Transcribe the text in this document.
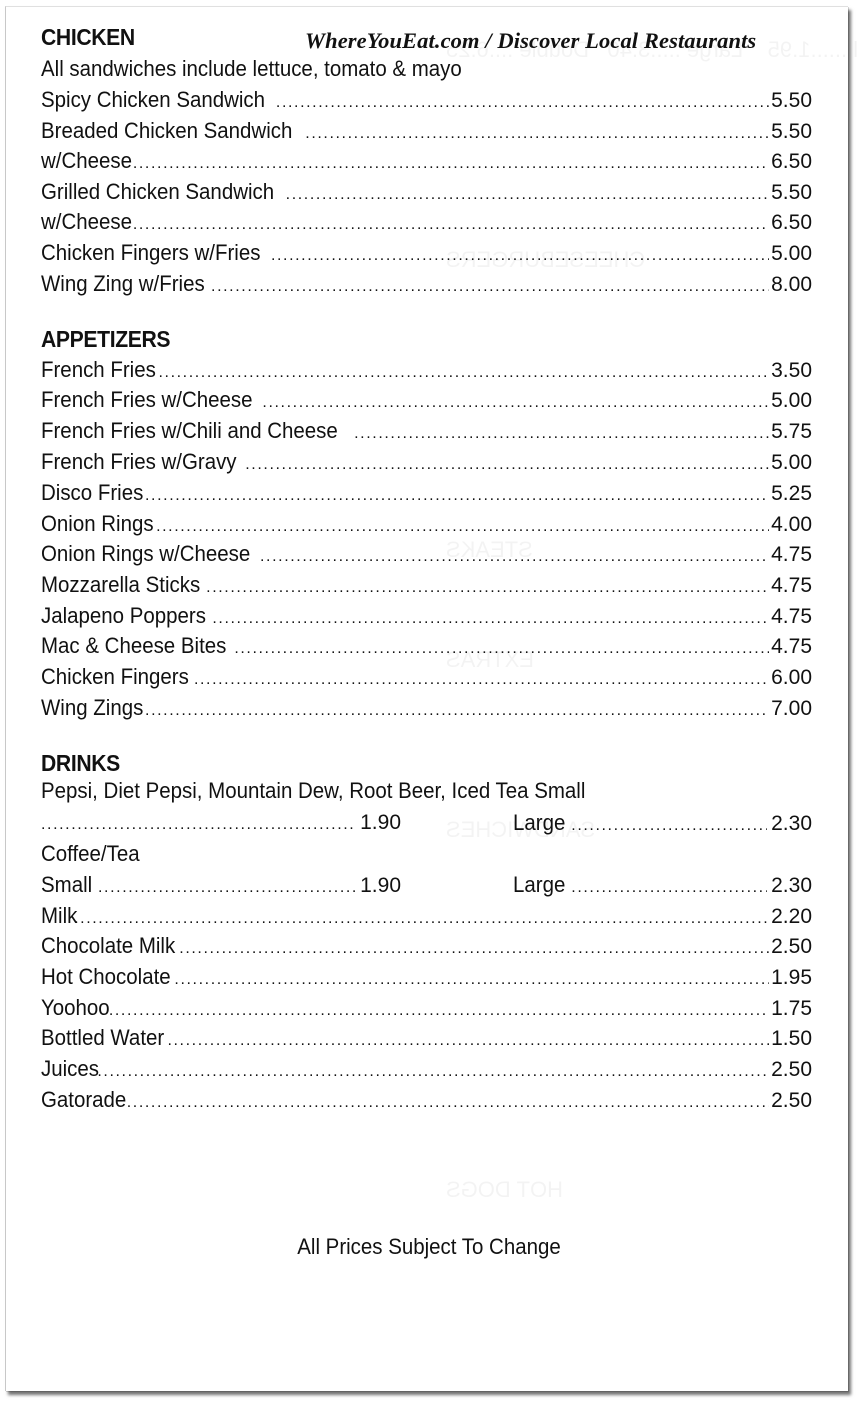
WhereYouEat.com / Discover Local Restaurants
CHICKEN
All sandwiches include lettuce, tomato & mayo
Spicy Chicken Sandwich .....	5.50
Breaded Chicken Sandwich .....	5.50
w/Cheese .....	6.50
Grilled Chicken Sandwich .....	5.50
w/Cheese .....	6.50
Chicken Fingers w/Fries .....	5.00
Wing Zing w/Fries .....	8.00
APPETIZERS
French Fries .....	3.50
French Fries w/Cheese .....	5.00
French Fries w/Chili and Cheese .....	5.75
French Fries w/Gravy .....	5.00
Disco Fries .....	5.25
Onion Rings .....	4.00
Onion Rings w/Cheese .....	4.75
Mozzarella Sticks .....	4.75
Jalapeno Poppers .....	4.75
Mac & Cheese Bites .....	4.75
Chicken Fingers .....	6.00
Wing Zings .....	7.00
DRINKS
Pepsi, Diet Pepsi, Mountain Dew, Root Beer, Iced Tea Small
.....
1.90	Large .....	2.30
Coffee/Tea
Small .....	1.90	Large .....	2.30
Milk .....	2.20
Chocolate Milk .....	2.50
Hot Chocolate .....	1.95
Yoohoo .....	1.75
Bottled Water .....	1.50
Juices .....	2.50
Gatorade .....	2.50
All Prices Subject To Change
